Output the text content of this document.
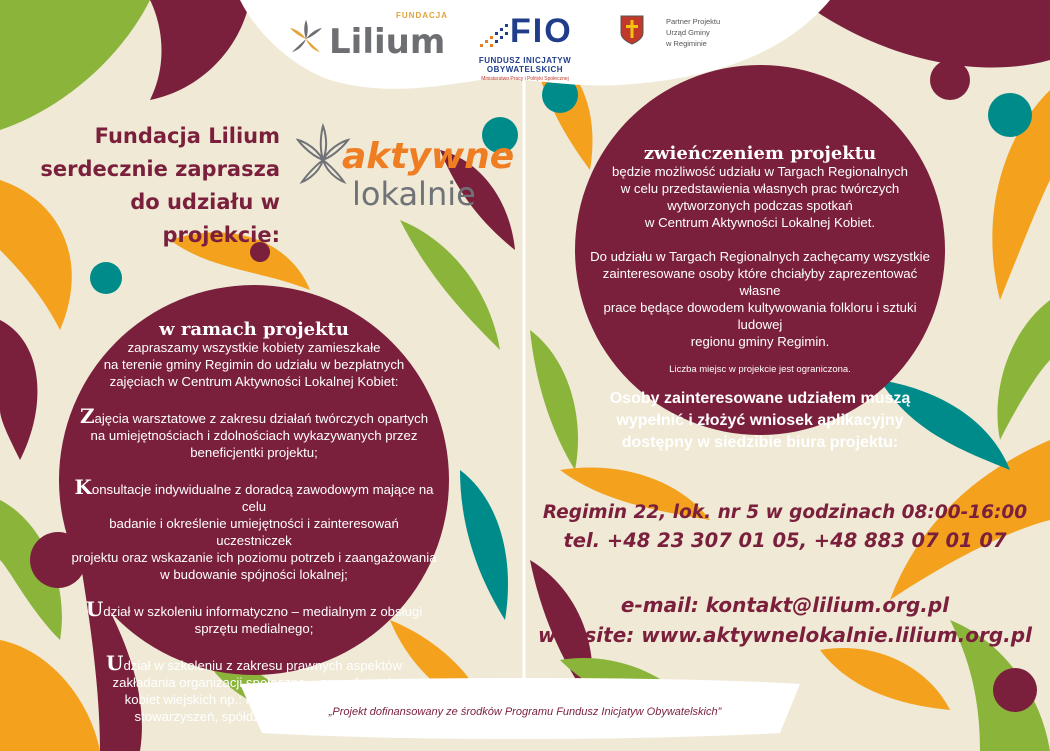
FUNDACJA
Lilium FIO
FUNDUSZ INICJATYW
OBYWATELSKICH
Ministerstwo Pracy i Polityki Społecznej
Partner Projektu
Urząd Gminy
w Regiminie
Fundacja Lilium
serdecznie zaprasza
do udziału w projekcie:
aktywne
lokalnie
w ramach projektu

zapraszamy wszystkie kobiety zamieszkałe

na terenie gminy Regimin do udziału w bezpłatnych

zajęciach w Centrum Aktywności Lokalnej Kobiet:

Zajęcia warsztatowe z zakresu działań twórczych opartych

na umiejętnościach i zdolnościach wykazywanych przez

beneficjentki projektu;

Konsultacje indywidualne z doradcą zawodowym mające na celu

badanie i określenie umiejętności i zainteresowań uczestniczek

projektu oraz wskazanie ich poziomu potrzeb i zaangażowania

w budowanie spójności lokalnej;

Udział w szkoleniu informatyczno – medialnym z obsługi

sprzętu medialnego;

Udział w szkoleniu z zakresu prawnych aspektów

zakładania organizacji społeczno – zawodowych

kobiet wiejskich np.: kół gospodyń wiejskich,

stowarzyszeń, spółdzielni socjalnych itp.;

zwieńczeniem projektu

będzie możliwość udziału w Targach Regionalnych

w celu przedstawienia własnych prac twórczych

wytworzonych podczas spotkań

w Centrum Aktywności Lokalnej Kobiet.

Do udziału w Targach Regionalnych zachęcamy wszystkie

zainteresowane osoby które chciałyby zaprezentować własne

prace będące dowodem kultywowania folkloru i sztuki ludowej

regionu gminy Regimin.

Liczba miejsc w projekcie jest ograniczona.

Osoby zainteresowane udziałem muszą

wypełnić i złożyć wniosek aplikacyjny

dostępny w siedzibie biura projektu:

Regimin 22, lok. nr 5 w godzinach 08:00-16:00
tel. +48 23 307 01 05, +48 883 07 01 07
e-mail: kontakt@lilium.org.pl
website: www.aktywnelokalnie.lilium.org.pl
„Projekt dofinansowany ze środków Programu Fundusz Inicjatyw Obywatelskich”
